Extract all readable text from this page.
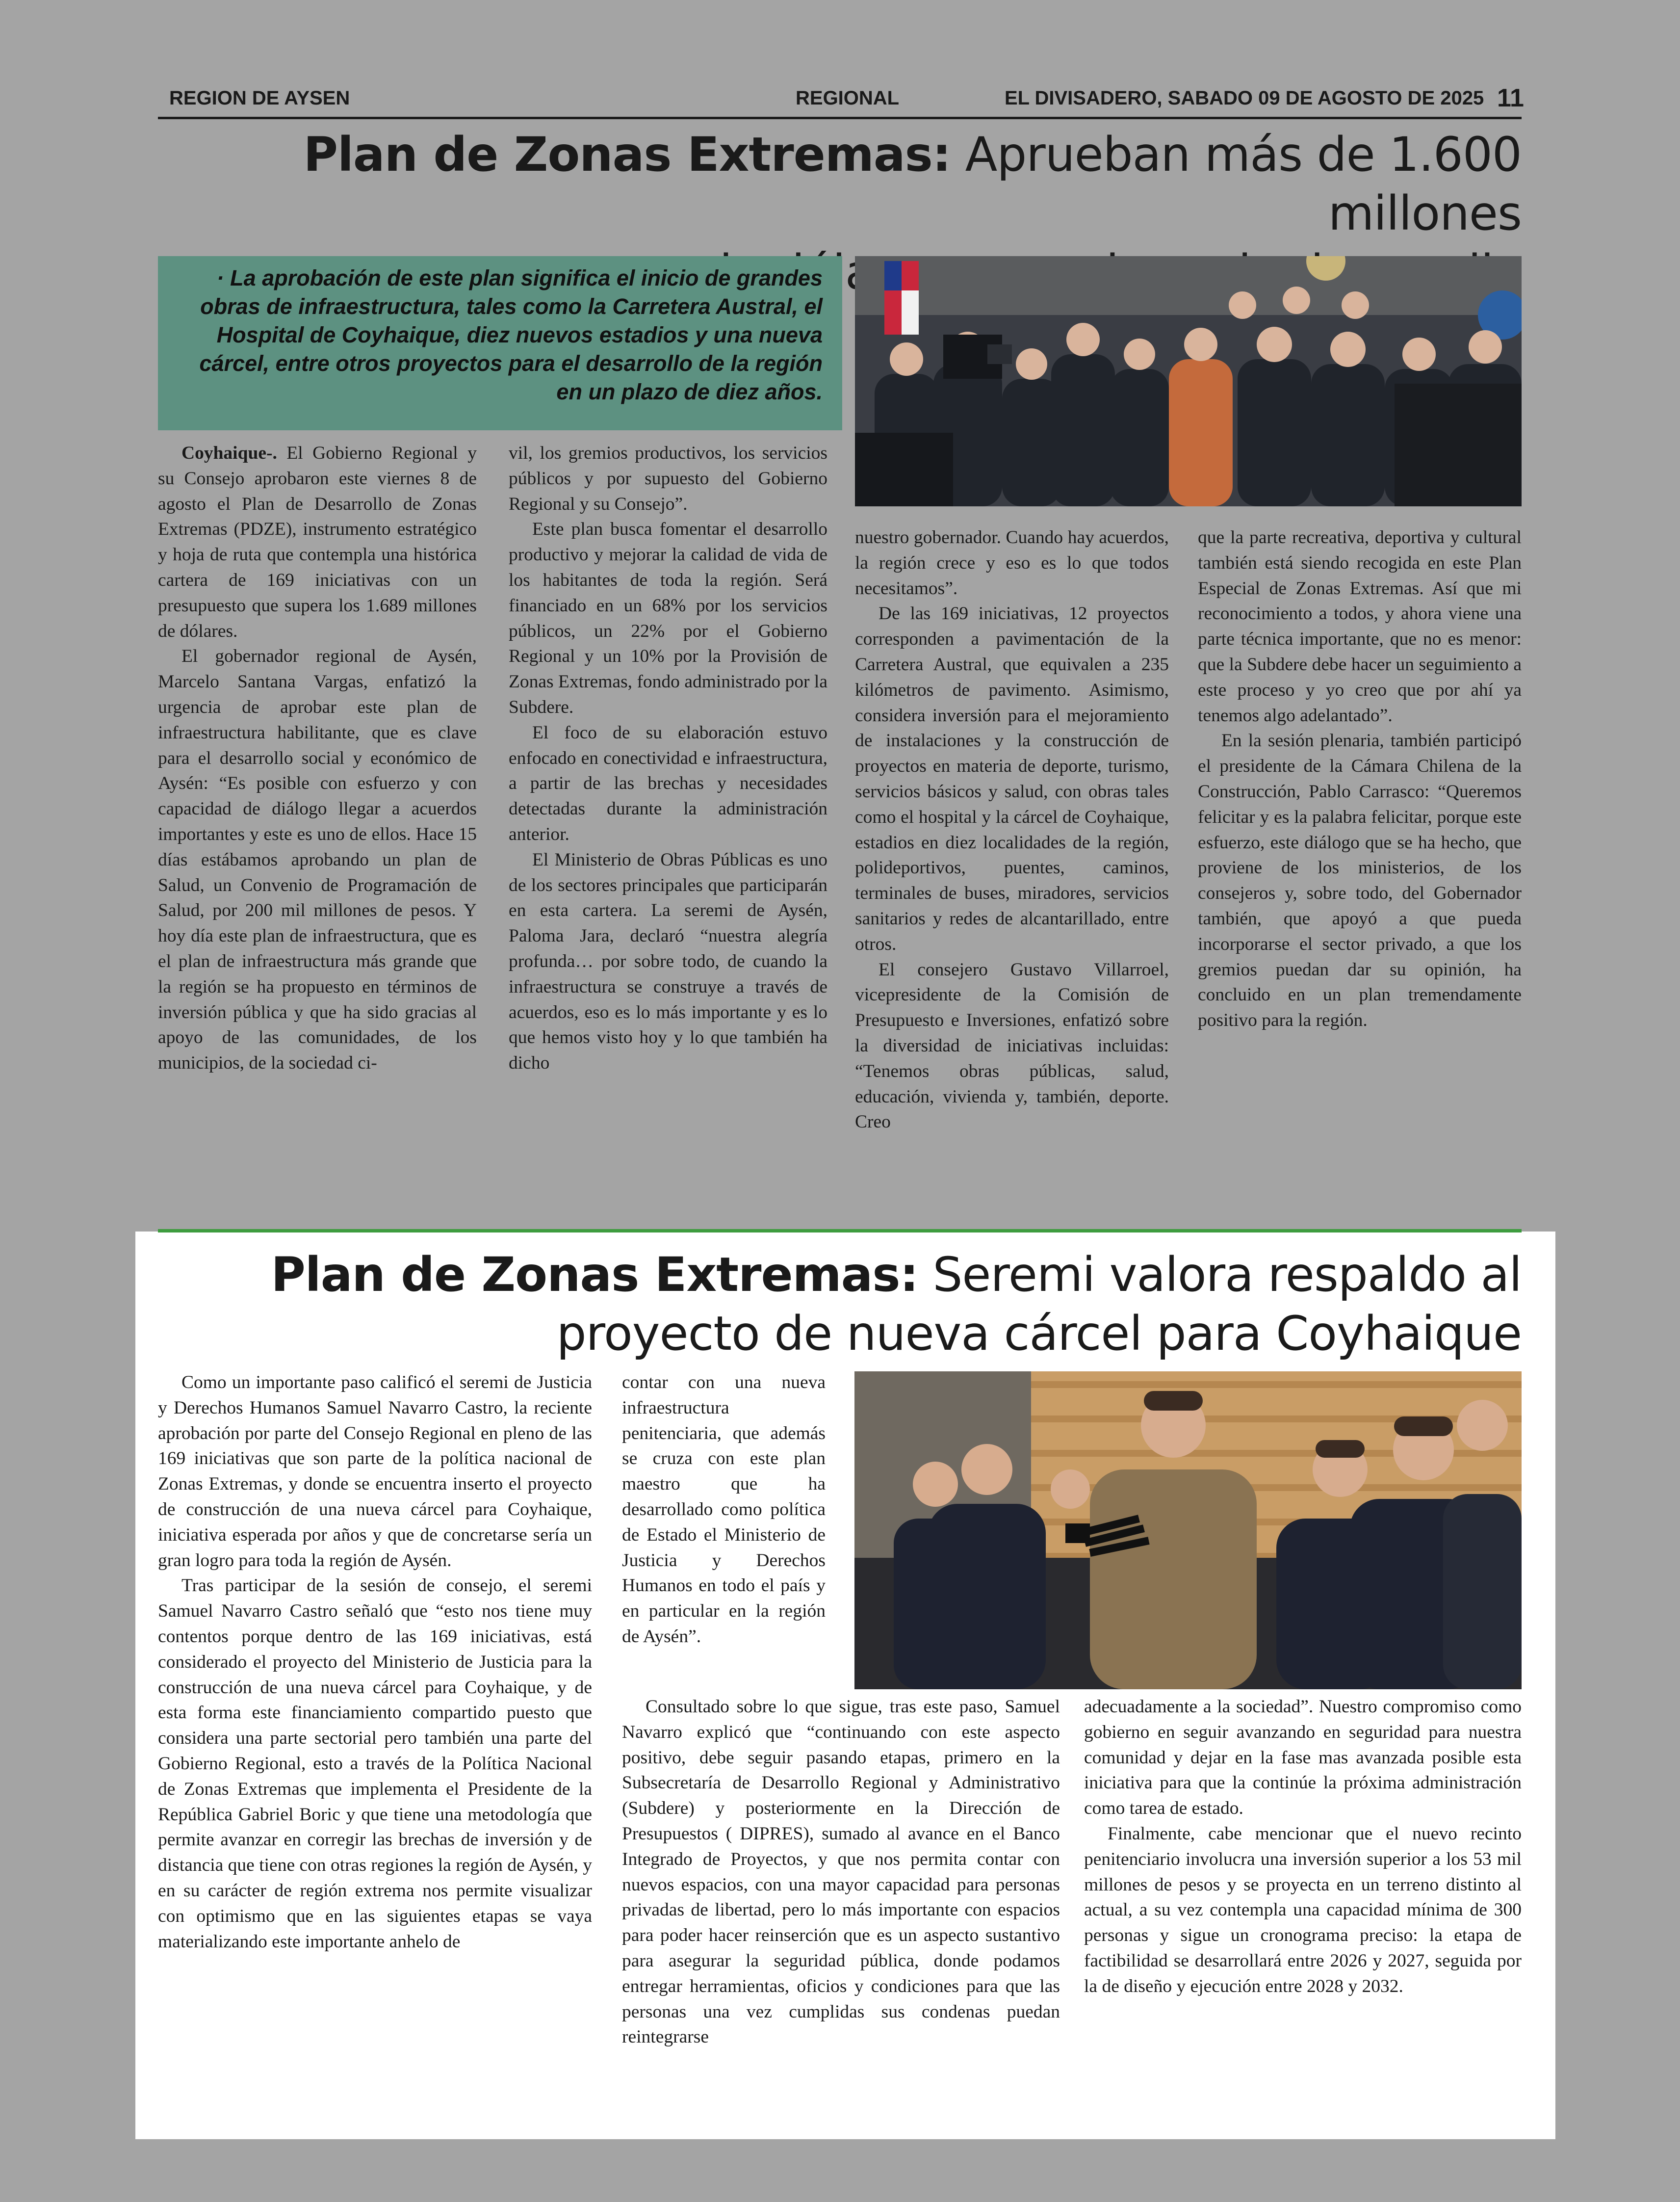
REGION DE AYSEN	REGIONAL	EL DIVISADERO, SABADO 09 DE AGOSTO DE 2025 11
Plan de Zonas Extremas: Aprueban más de 1.600 millones

· La aprobación de este plan significa el inicio de grandes obras de infraestructura, tales como la Carretera Austral, el Hospital de Coyhaique, diez nuevos estadios y una nueva cárcel, entre otros proyectos para el desarrollo de la región en un plazo de diez años.

Coyhaique-. El Gobierno Regional y su Consejo aprobaron este viernes 8 de agosto el Plan de Desarrollo de Zonas Extremas (PDZE), instrumento estratégico y hoja de ruta que contempla una histórica cartera de 169 iniciativas con un presupuesto que supera los 1.689 millones de dólares.

El gobernador regional de Aysén, Marcelo Santana Vargas, enfatizó la urgencia de aprobar este plan de infraestructura habilitante, que es clave para el desarrollo social y económico de Aysén: “Es posible con esfuerzo y con capacidad de diálogo llegar a acuerdos importantes y este es uno de ellos. Hace 15 días estábamos aprobando un plan de Salud, un Convenio de Programación de Salud, por 200 mil millones de pesos. Y hoy día este plan de infraestructura, que es el plan de infraestructura más grande que la región se ha propuesto en términos de inversión pública y que ha sido gracias al apoyo de las comunidades, de los municipios, de la sociedad ci-

vil, los gremios productivos, los servicios públicos y por supuesto del Gobierno Regional y su Consejo”.

Este plan busca fomentar el desarrollo productivo y mejorar la calidad de vida de los habitantes de toda la región. Será financiado en un 68% por los servicios públicos, un 22% por el Gobierno Regional y un 10% por la Provisión de Zonas Extremas, fondo administrado por la Subdere.

El foco de su elaboración estuvo enfocado en conectividad e infraestructura, a partir de las brechas y necesidades detectadas durante la administración anterior.

El Ministerio de Obras Públicas es uno de los sectores principales que participarán en esta cartera. La seremi de Aysén, Paloma Jara, declaró “nuestra alegría profunda… por sobre todo, de cuando la infraestructura se construye a través de acuerdos, eso es lo más importante y es lo que hemos visto hoy y lo que también ha dicho

nuestro gobernador. Cuando hay acuerdos, la región crece y eso es lo que todos necesitamos”.

De las 169 iniciativas, 12 proyectos corresponden a pavimentación de la Carretera Austral, que equivalen a 235 kilómetros de pavimento. Asimismo, considera inversión para el mejoramiento de instalaciones y la construcción de proyectos en materia de deporte, turismo, servicios básicos y salud, con obras tales como el hospital y la cárcel de Coyhaique, estadios en diez localidades de la región, polideportivos, puentes, caminos, terminales de buses, miradores, servicios sanitarios y redes de alcantarillado, entre otros.

El consejero Gustavo Villarroel, vicepresidente de la Comisión de Presupuesto e Inversiones, enfatizó sobre la diversidad de iniciativas incluidas: “Tenemos obras públicas, salud, educación, vivienda y, también, deporte. Creo

que la parte recreativa, deportiva y cultural también está siendo recogida en este Plan Especial de Zonas Extremas. Así que mi reconocimiento a todos, y ahora viene una parte técnica importante, que no es menor: que la Subdere debe hacer un seguimiento a este proceso y yo creo que por ahí ya tenemos algo adelantado”.

En la sesión plenaria, también participó el presidente de la Cámara Chilena de la Construcción, Pablo Carrasco: “Queremos felicitar y es la palabra felicitar, porque este esfuerzo, este diálogo que se ha hecho, que proviene de los ministerios, de los consejeros y, sobre todo, del Gobernador también, que apoyó a que pueda incorporarse el sector privado, a que los gremios puedan dar su opinión, ha concluido en un plan tremendamente positivo para la región.

Plan de Zonas Extremas: Seremi valora respaldo al
proyecto de nueva cárcel para Coyhaique

Como un importante paso calificó el seremi de Justicia y Derechos Humanos Samuel Navarro Castro, la reciente aprobación por parte del Consejo Regional en pleno de las 169 iniciativas que son parte de la política nacional de Zonas Extremas, y donde se encuentra inserto el proyecto de construcción de una nueva cárcel para Coyhaique, iniciativa esperada por años y que de concretarse sería un gran logro para toda la región de Aysén.

Tras participar de la sesión de consejo, el seremi Samuel Navarro Castro señaló que “esto nos tiene muy contentos porque dentro de las 169 iniciativas, está considerado el proyecto del Ministerio de Justicia para la construcción de una nueva cárcel para Coyhaique, y de esta forma este financiamiento compartido puesto que considera una parte sectorial pero también una parte del Gobierno Regional, esto a través de la Política Nacional de Zonas Extremas que implementa el Presidente de la República Gabriel Boric y que tiene una metodología que permite avanzar en corregir las brechas de inversión y de distancia que tiene con otras regiones la región de Aysén, y en su carácter de región extrema nos permite visualizar con optimismo que en las siguientes etapas se vaya materializando este importante anhelo de

contar con una nueva infraestructura penitenciaria, que además se cruza con este plan maestro que ha desarrollado como política de Estado el Ministerio de Justicia y Derechos Humanos en todo el país y en particular en la región de Aysén”.

Consultado sobre lo que sigue, tras este paso, Samuel Navarro explicó que “continuando con este aspecto positivo, debe seguir pasando etapas, primero en la Subsecretaría de Desarrollo Regional y Administrativo (Subdere) y posteriormente en la Dirección de Presupuestos ( DIPRES), sumado al avance en el Banco Integrado de Proyectos, y que nos permita contar con nuevos espacios, con una mayor capacidad para personas privadas de libertad, pero lo más importante con espacios para poder hacer reinserción que es un aspecto sustantivo para asegurar la seguridad pública, donde podamos entregar herramientas, oficios y condiciones para que las personas una vez cumplidas sus condenas puedan reintegrarse

adecuadamente a la sociedad”. Nuestro compromiso como gobierno en seguir avanzando en seguridad para nuestra comunidad y dejar en la fase mas avanzada posible esta iniciativa para que la continúe la próxima administración como tarea de estado.

Finalmente, cabe mencionar que el nuevo recinto penitenciario involucra una inversión superior a los 53 mil millones de pesos y se proyecta en un terreno distinto al actual, a su vez contempla una capacidad mínima de 300 personas y sigue un cronograma preciso: la etapa de factibilidad se desarrollará entre 2026 y 2027, seguida por la de diseño y ejecución entre 2028 y 2032.
